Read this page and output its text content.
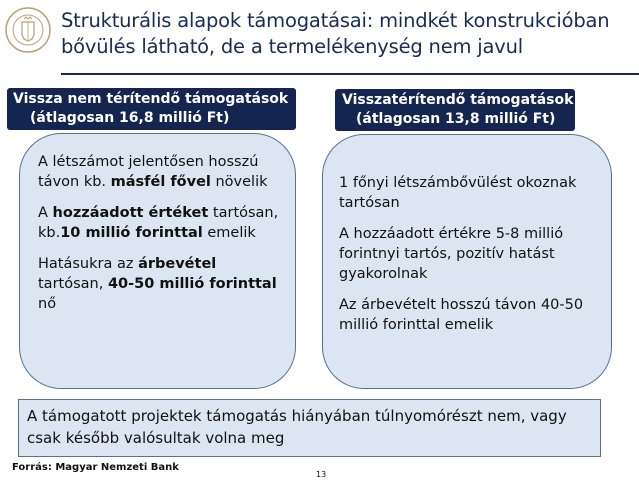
Strukturális alapok támogatásai: mindkét konstrukcióban
bővülés látható, de a termelékenység nem javul
Vissza nem térítendő támogatások
(átlagosan 16,8 millió Ft)
Visszatérítendő támogatások
(átlagosan 13,8 millió Ft)

A létszámot jelentősen hosszú távon kb. másfél fővel növelik

A hozzáadott értéket tartósan, kb.10 millió forinttal emelik

Hatásukra az árbevétel tartósan, 40-50 millió forinttal nő

1 főnyi létszámbővülést okoznak tartósan

A hozzáadott értékre 5-8 millió forintnyi tartós, pozitív hatást gyakorolnak

Az árbevételt hosszú távon 40-50 millió forinttal emelik

A támogatott projektek támogatás hiányában túlnyomórészt nem, vagy csak később valósultak volna meg
Forrás: Magyar Nemzeti Bank
13
